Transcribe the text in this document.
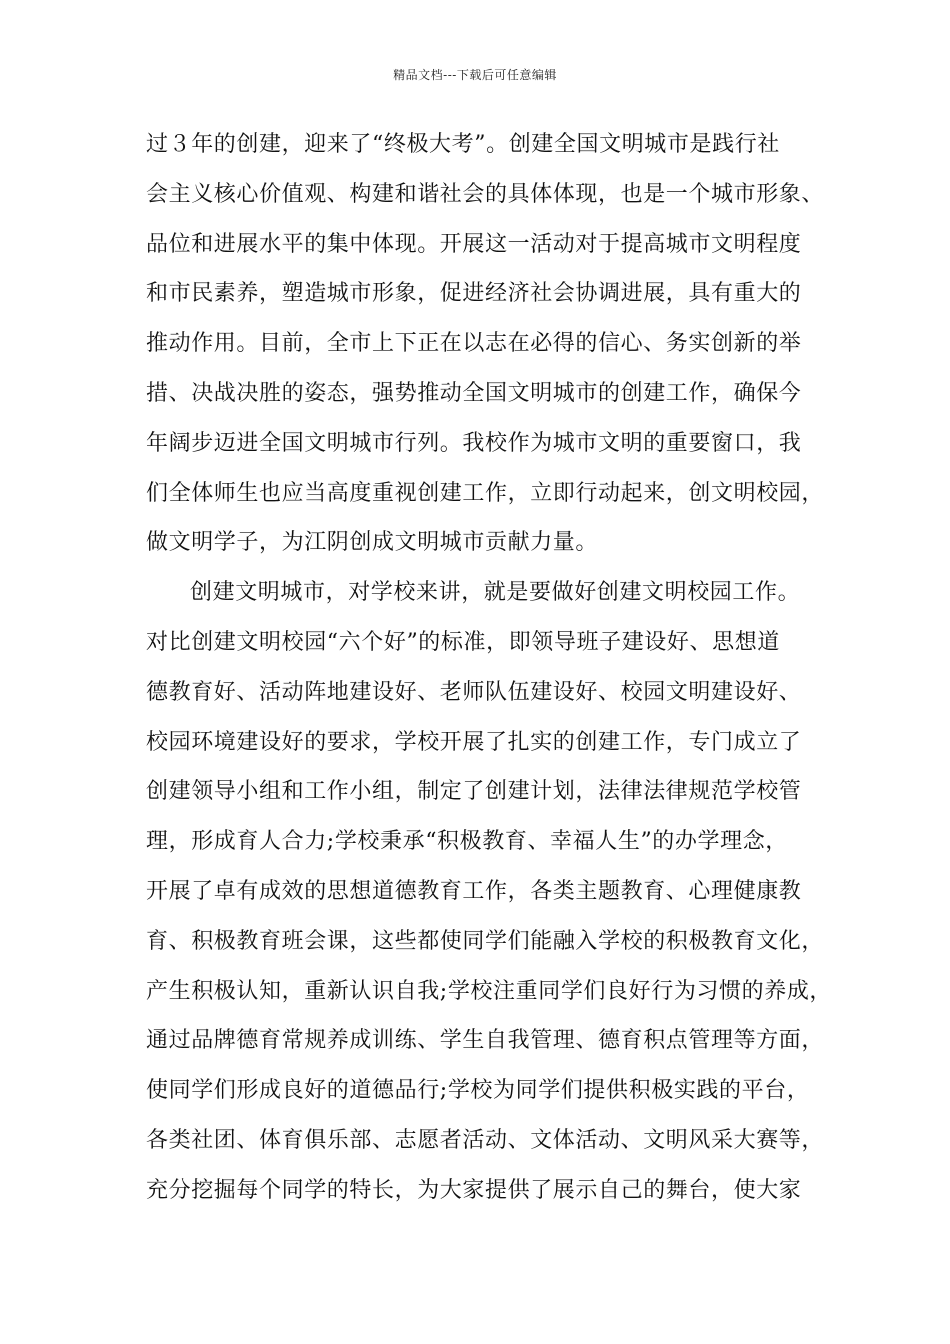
精品文档---下载后可任意编辑
过３年的创建，迎来了“终极大考”。创建全国文明城市是践行社
会主义核心价值观、构建和谐社会的具体体现，也是一个城市形象、
品位和进展水平的集中体现。开展这一活动对于提高城市文明程度
和市民素养，塑造城市形象，促进经济社会协调进展，具有重大的
推动作用。目前，全市上下正在以志在必得的信心、务实创新的举
措、决战决胜的姿态，强势推动全国文明城市的创建工作，确保今
年阔步迈进全国文明城市行列。我校作为城市文明的重要窗口，我
们全体师生也应当高度重视创建工作，立即行动起来，创文明校园，
做文明学子，为江阴创成文明城市贡献力量。
创建文明城市，对学校来讲，就是要做好创建文明校园工作。
对比创建文明校园“六个好”的标准，即领导班子建设好、思想道
德教育好、活动阵地建设好、老师队伍建设好、校园文明建设好、
校园环境建设好的要求，学校开展了扎实的创建工作，专门成立了
创建领导小组和工作小组，制定了创建计划，法律法律规范学校管
理，形成育人合力;学校秉承“积极教育、幸福人生”的办学理念，
开展了卓有成效的思想道德教育工作，各类主题教育、心理健康教
育、积极教育班会课，这些都使同学们能融入学校的积极教育文化，
产生积极认知，重新认识自我;学校注重同学们良好行为习惯的养成，
通过品牌德育常规养成训练、学生自我管理、德育积点管理等方面，
使同学们形成良好的道德品行;学校为同学们提供积极实践的平台，
各类社团、体育俱乐部、志愿者活动、文体活动、文明风采大赛等，
充分挖掘每个同学的特长，为大家提供了展示自己的舞台，使大家
